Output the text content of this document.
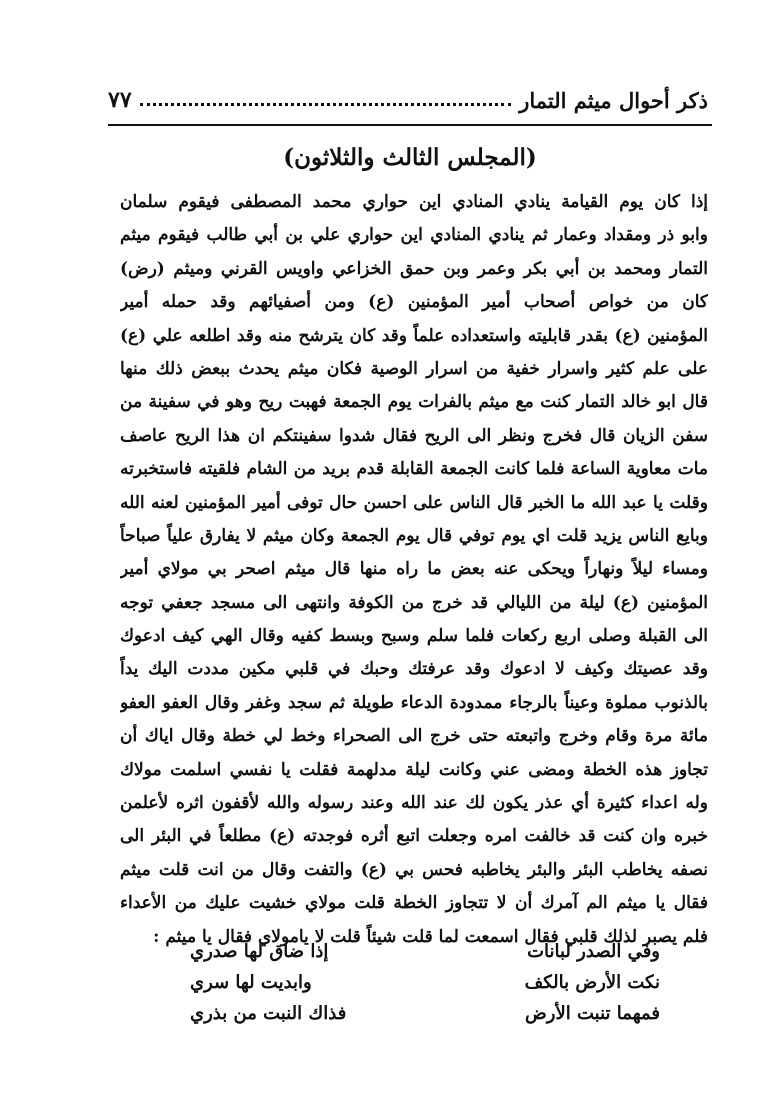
ذكر أحوال ميثم التمار
٧٧
(المجلس الثالث والثلاثون)
إذا كان يوم القيامة ينادي المنادي اين حواري محمد المصطفى فيقوم سلمان
وابو ذر ومقداد وعمار ثم ينادي المنادي اين حواري علي بن أبي طالب فيقوم ميثم
التمار ومحمد بن أبي بكر وعمر وبن حمق الخزاعي واويس القرني وميثم (رض)
كان من خواص أصحاب أمير المؤمنين (ع) ومن أصفيائهم وقد حمله أمير
المؤمنين (ع) بقدر قابليته واستعداده علماً وقد كان يترشح منه وقد اطلعه علي (ع)
على علم كثير واسرار خفية من اسرار الوصية فكان ميثم يحدث ببعض ذلك منها
قال ابو خالد التمار كنت مع ميثم بالفرات يوم الجمعة فهبت ريح وهو في سفينة من
سفن الزيان قال فخرج ونظر الى الريح فقال شدوا سفينتكم ان هذا الريح عاصف
مات معاوية الساعة فلما كانت الجمعة القابلة قدم بريد من الشام فلقيته فاستخبرته
وقلت يا عبد الله ما الخبر قال الناس على احسن حال توفى أمير المؤمنين لعنه الله
وبايع الناس يزيد قلت اي يوم توفي قال يوم الجمعة وكان ميثم لا يفارق علياً صباحاً
ومساء ليلاً ونهاراً ويحكى عنه بعض ما راه منها قال ميثم اصحر بي مولاي أمير
المؤمنين (ع) ليلة من الليالي قد خرج من الكوفة وانتهى الى مسجد جعفي توجه
الى القبلة وصلى اربع ركعات فلما سلم وسبح وبسط كفيه وقال الهي كيف ادعوك
وقد عصيتك وكيف لا ادعوك وقد عرفتك وحبك في قلبي مكين مددت اليك يداً
بالذنوب مملوة وعيناً بالرجاء ممدودة الدعاء طويلة ثم سجد وغفر وقال العفو العفو
مائة مرة وقام وخرج واتبعته حتى خرج الى الصحراء وخط لي خطة وقال اياك أن
تجاوز هذه الخطة ومضى عني وكانت ليلة مدلهمة فقلت يا نفسي اسلمت مولاك
وله اعداء كثيرة أي عذر يكون لك عند الله وعند رسوله والله لأقفون اثره لأعلمن
خبره وان كنت قد خالفت امره وجعلت اتبع أثره فوجدته (ع) مطلعاً في البئر الى
نصفه يخاطب البئر والبئر يخاطبه فحس بي (ع) والتفت وقال من انت قلت ميثم
فقال يا ميثم الم آمرك أن لا تتجاوز الخطة قلت مولاي خشيت عليك من الأعداء
فلم يصبر لذلك قلبي فقال اسمعت لما قلت شيئاً قلت لا يامولاي فقال يا ميثم :
وفي الصدر لبانات
إذا ضاق لها صدري
نكت الأرض بالكف
وابديت لها سري
فمهما تنبت الأرض
فذاك النبت من بذري
